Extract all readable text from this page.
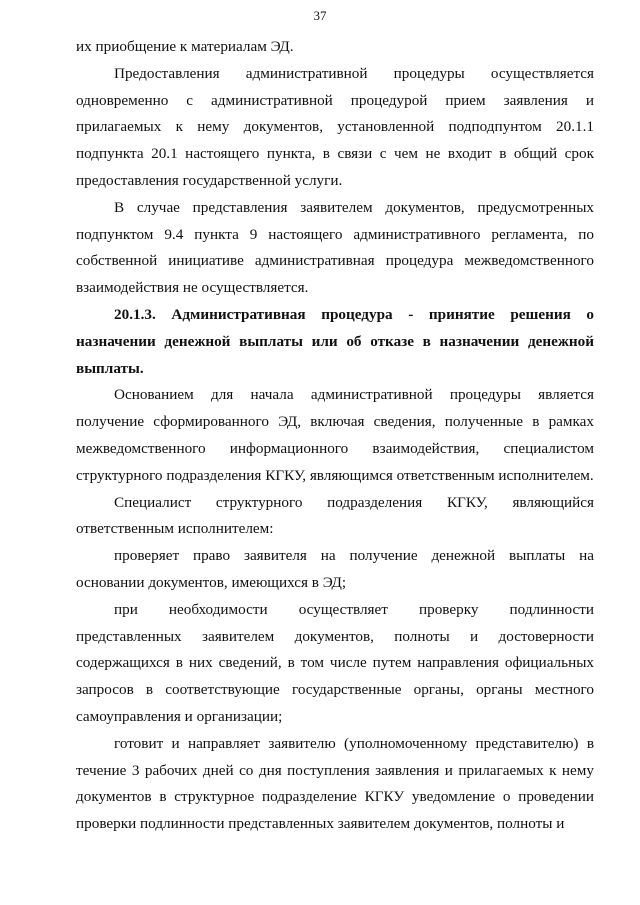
37

их приобщение к материалам ЭД.

Предоставления административной процедуры осуществляется одновременно с административной процедурой прием заявления и прилагаемых к нему документов, установленной подподпунтом 20.1.1 подпункта 20.1 настоящего пункта, в связи с чем не входит в общий срок предоставления государственной услуги.

В случае представления заявителем документов, предусмотренных подпунктом 9.4 пункта 9 настоящего административного регламента, по собственной инициативе административная процедура межведомственного взаимодействия не осуществляется.

20.1.3. Административная процедура - принятие решения о назначении денежной выплаты или об отказе в назначении денежной выплаты.

Основанием для начала административной процедуры является получение сформированного ЭД, включая сведения, полученные в рамках межведомственного информационного взаимодействия, специалистом структурного подразделения КГКУ, являющимся ответственным исполнителем.

Специалист структурного подразделения КГКУ, являющийся ответственным исполнителем:

проверяет право заявителя на получение денежной выплаты на основании документов, имеющихся в ЭД;

при необходимости осуществляет проверку подлинности представленных заявителем документов, полноты и достоверности содержащихся в них сведений, в том числе путем направления официальных запросов в соответствующие государственные органы, органы местного самоуправления и организации;

готовит и направляет заявителю (уполномоченному представителю) в течение 3 рабочих дней со дня поступления заявления и прилагаемых к нему документов в структурное подразделение КГКУ уведомление о проведении проверки подлинности представленных заявителем документов, полноты и
